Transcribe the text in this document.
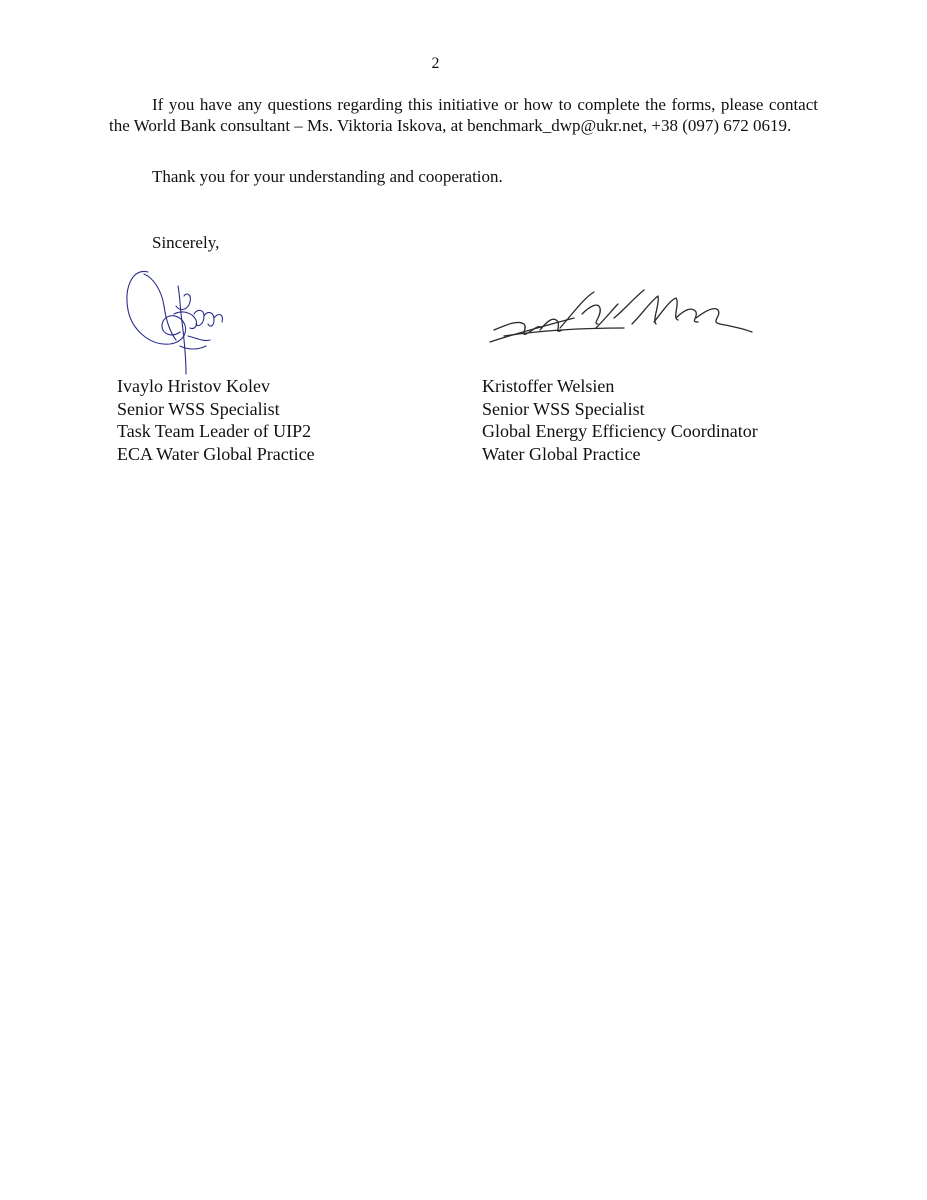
2

If you have any questions regarding this initiative or how to complete the forms, please contact the World Bank consultant – Ms. Viktoria Iskova, at benchmark_dwp@ukr.net, +38 (097) 672 0619.

Thank you for your understanding and cooperation.

Sincerely,
Ivaylo Hristov Kolev
Senior WSS Specialist
Task Team Leader of UIP2
ECA Water Global Practice
Kristoffer Welsien
Senior WSS Specialist
Global Energy Efficiency Coordinator
Water Global Practice
